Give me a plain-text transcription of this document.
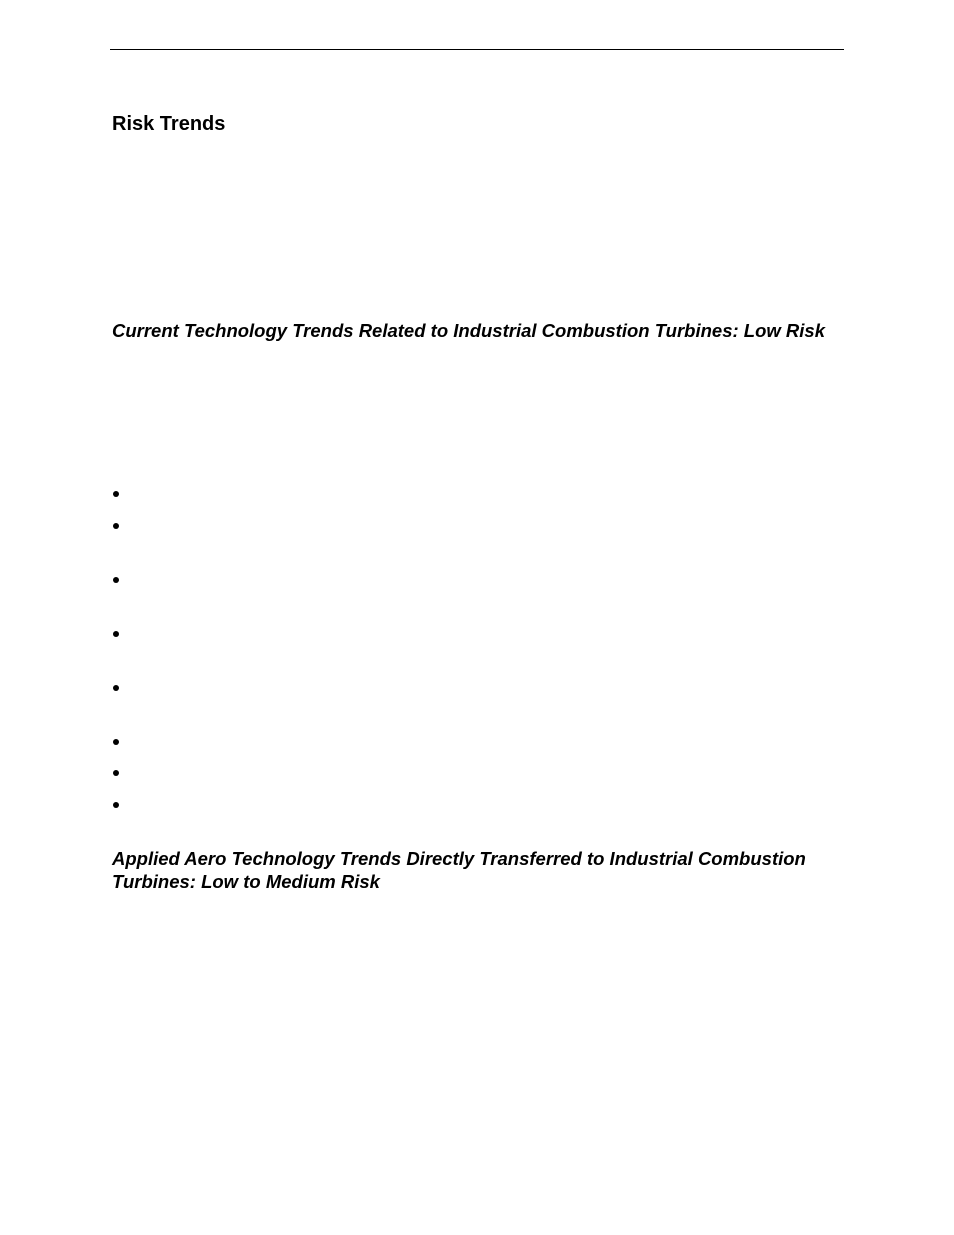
Risk Trends
Current Technology Trends Related to Industrial Combustion Turbines: Low Risk
Applied Aero Technology Trends Directly Transferred to Industrial Combustion Turbines: Low to Medium Risk
